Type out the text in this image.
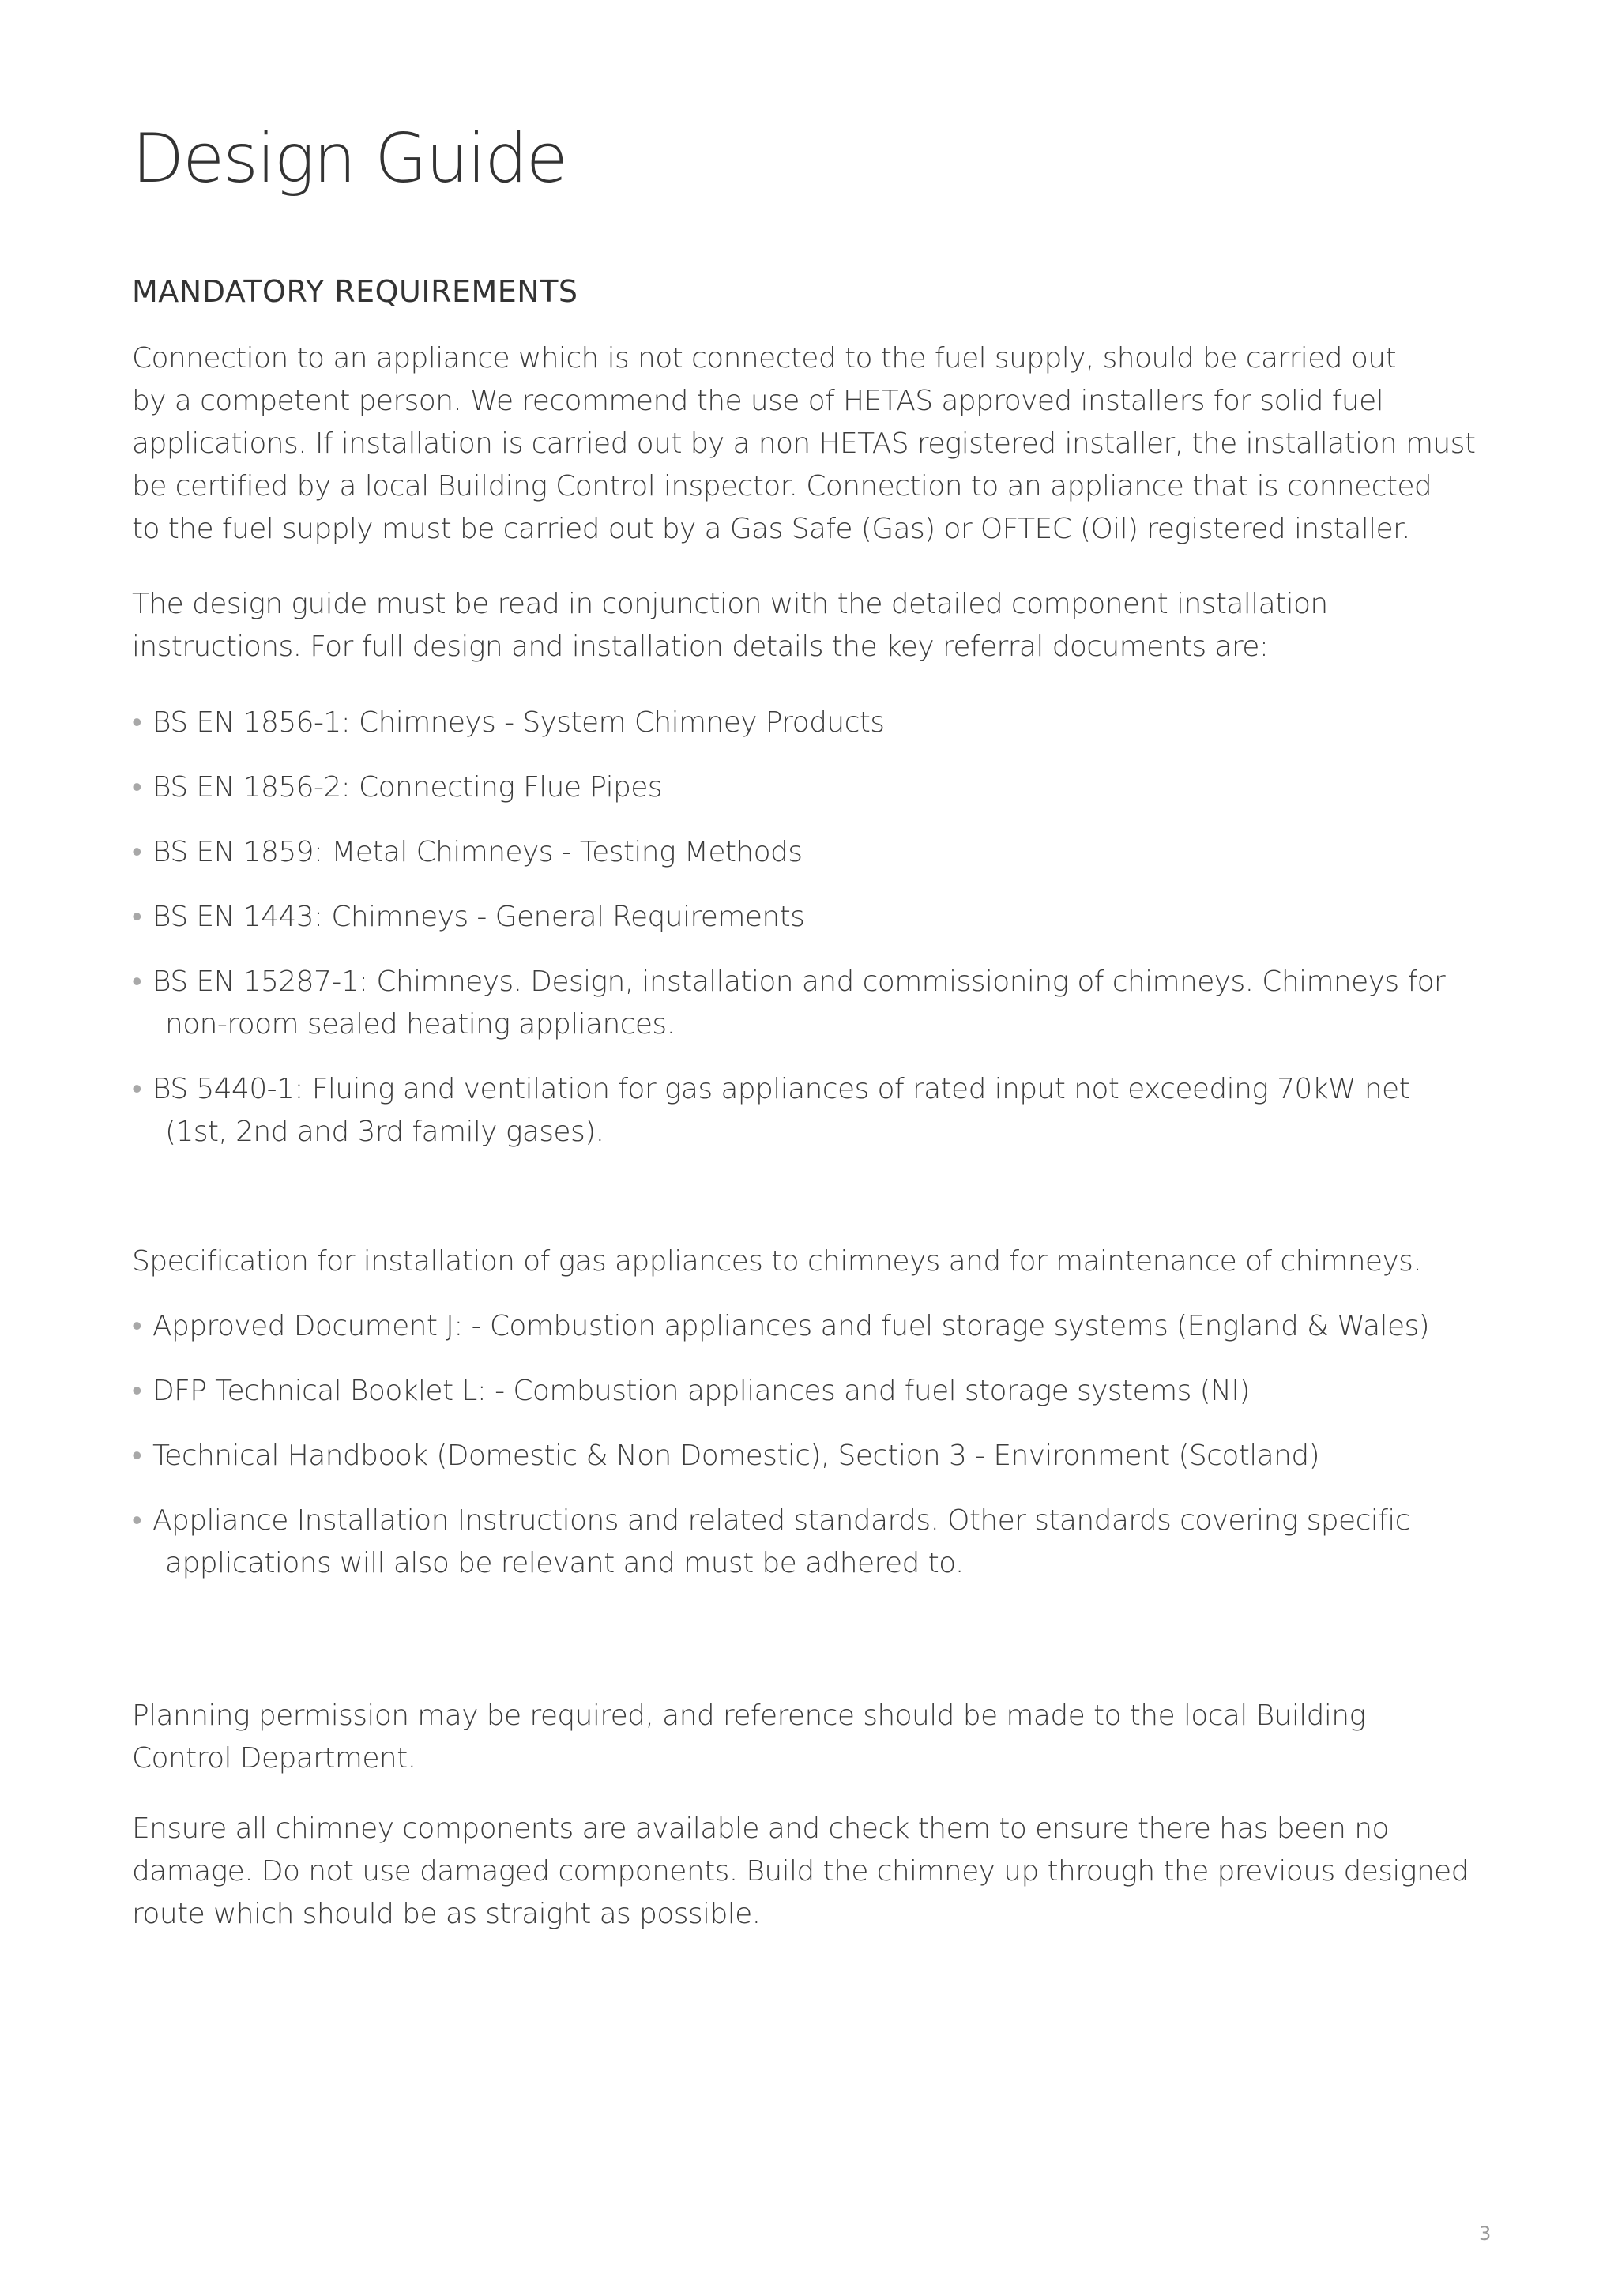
Design Guide
MANDATORY REQUIREMENTS

Connection to an appliance which is not connected to the fuel supply, should be carried out
by a competent person. We recommend the use of HETAS approved installers for solid fuel
applications. If installation is carried out by a non HETAS registered installer, the installation must
be certified by a local Building Control inspector. Connection to an appliance that is connected
to the fuel supply must be carried out by a Gas Safe (Gas) or OFTEC (Oil) registered installer.

The design guide must be read in conjunction with the detailed component installation
instructions. For full design and installation details the key referral documents are:

• BS EN 1856-1: Chimneys - System Chimney Products
• BS EN 1856-2: Connecting Flue Pipes
• BS EN 1859: Metal Chimneys - Testing Methods
• BS EN 1443: Chimneys - General Requirements
• BS EN 15287-1: Chimneys. Design, installation and commissioning of chimneys. Chimneys for
non-room sealed heating appliances.
• BS 5440-1: Fluing and ventilation for gas appliances of rated input not exceeding 70kW net
(1st, 2nd and 3rd family gases).

Specification for installation of gas appliances to chimneys and for maintenance of chimneys.

• Approved Document J: - Combustion appliances and fuel storage systems (England & Wales)
• DFP Technical Booklet L: - Combustion appliances and fuel storage systems (NI)
• Technical Handbook (Domestic & Non Domestic), Section 3 - Environment (Scotland)
• Appliance Installation Instructions and related standards. Other standards covering specific
applications will also be relevant and must be adhered to.

Planning permission may be required, and reference should be made to the local Building
Control Department.

Ensure all chimney components are available and check them to ensure there has been no
damage. Do not use damaged components. Build the chimney up through the previous designed
route which should be as straight as possible.

3
